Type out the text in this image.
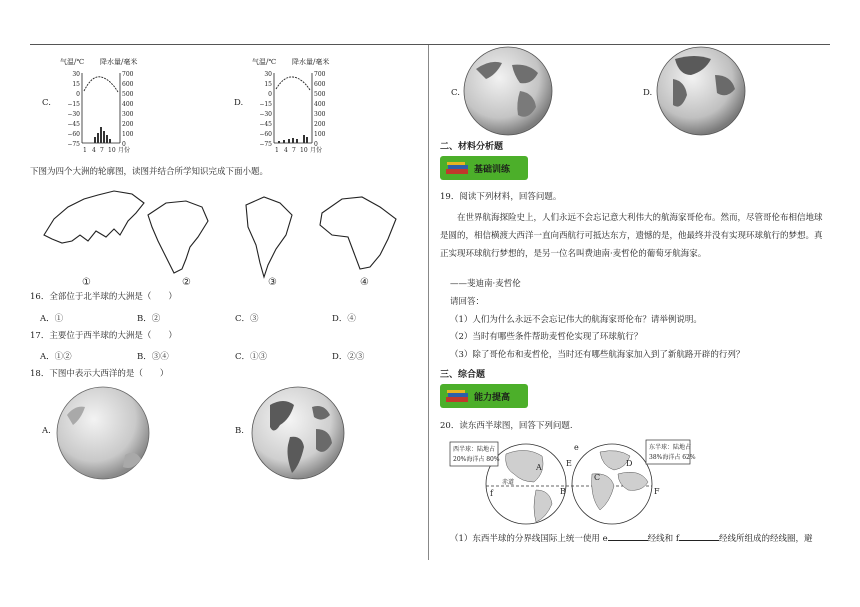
C.
气温/℃ 降水量/毫米
30
15
0
−15
−30
−45
−60
−75
700
600
500
400
300
200
100
0
1 4 7 10 月份
D.
气温/℃ 降水量/毫米
30
15
0
−15
−30
−45
−60
−75
700
600
500
400
300
200
100
0
1 4 7 10 月份
下图为四个大洲的轮廓图，读图并结合所学知识完成下面小题。
①	②	③	④
16．全部位于北半球的大洲是（　　）
A．①	B．②	C．③	D．④
17．主要位于西半球的大洲是（　　）
A．①②	B．③④	C．①③	D．②③
18．下图中表示大西洋的是（　　）
A.	B.
C.	D.
二、材料分析题
基础训练
19．阅读下列材料，回答问题。
在世界航海探险史上，人们永远不会忘记意大利伟大的航海家哥伦布。然而，尽管哥伦布相信地球是圆的，相信横渡大西洋一直向西航行可抵达东方，遗憾的是，他最终并没有实现环球航行的梦想。真正实现环球航行梦想的，是另一位名叫费迪南·麦哲伦的葡萄牙航海家。
——斐迪南·麦哲伦
请回答：
（1）人们为什么永远不会忘记伟大的航海家哥伦布？请举例说明。
（2）当时有哪些条件帮助麦哲伦实现了环球航行？
（3）除了哥伦布和麦哲伦，当时还有哪些航海家加入到了新航路开辟的行列？
三、综合题
能力提高
20．读东西半球图，回答下列问题.
西半球：陆地占
20%海洋占 80%
东半球：陆地占
38%海洋占 62%
赤道
A
B
C
D
E
F
e
f
（1）东西半球的分界线国际上统一使用 e	经线和 f	经线所组成的经线圈，避
